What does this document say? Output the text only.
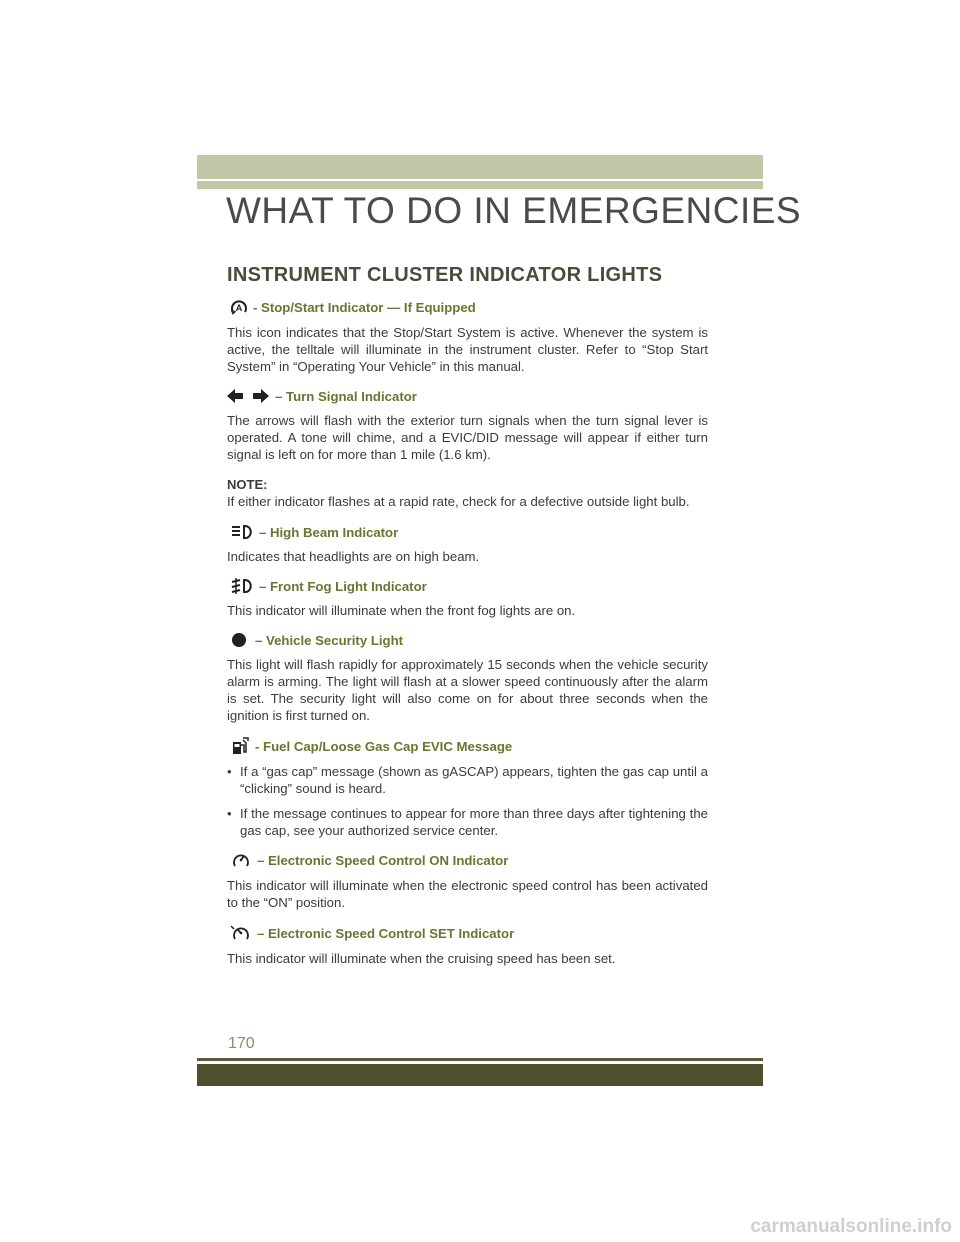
WHAT TO DO IN EMERGENCIES
INSTRUMENT CLUSTER INDICATOR LIGHTS
A - Stop/Start Indicator — If Equipped

This icon indicates that the Stop/Start System is active. Whenever the system is active, the telltale will illuminate in the instrument cluster. Refer to “Stop Start System” in “Operating Your Vehicle” in this manual.

– Turn Signal Indicator

The arrows will flash with the exterior turn signals when the turn signal lever is operated. A tone will chime, and a EVIC/DID message will appear if either turn signal is left on for more than 1 mile (1.6 km).

NOTE:

If either indicator flashes at a rapid rate, check for a defective outside light bulb.

– High Beam Indicator

Indicates that headlights are on high beam.

– Front Fog Light Indicator

This indicator will illuminate when the front fog lights are on.

– Vehicle Security Light

This light will flash rapidly for approximately 15 seconds when the vehicle security alarm is arming. The light will flash at a slower speed continuously after the alarm is set. The security light will also come on for about three seconds when the ignition is first turned on.

- Fuel Cap/Loose Gas Cap EVIC Message
• If a “gas cap” message (shown as gASCAP) appears, tighten the gas cap until a “clicking” sound is heard.
• If the message continues to appear for more than three days after tightening the gas cap, see your authorized service center.
– Electronic Speed Control ON Indicator

This indicator will illuminate when the electronic speed control has been activated to the “ON” position.

– Electronic Speed Control SET Indicator

This indicator will illuminate when the cruising speed has been set.

170
carmanualsonline.info
